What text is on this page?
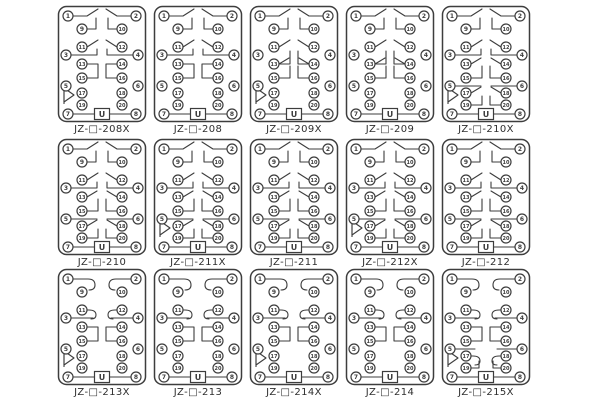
U
1	2
3	4
5	6
7	8
9	10
11	12
13	14
15	16
17	18
19	20
JZ-□-208X
U
1	2
3	4
5	6
7	8
9	10
11	12
13	14
15	16
17	18
19	20
JZ-□-208
U
1	2
3	4
5	6
7	8
9	10
11	12
13	14
15	16
17	18
19	20
JZ-□-209X
U
1	2
3	4
5	6
7	8
9	10
11	12
13	14
15	16
17	18
19	20
JZ-□-209
U
1	2
3	4
5	6
7	8
9	10
11	12
13	14
15	16
17	18
19	20
JZ-□-210X
U
1	2
3	4
5	6
7	8
9	10
11	12
13	14
15	16
17	18
19	20
JZ-□-210
U
1	2
3	4
5	6
7	8
9	10
11	12
13	14
15	16
17	18
19	20
JZ-□-211X
U
1	2
3	4
5	6
7	8
9	10
11	12
13	14
15	16
17	18
19	20
JZ-□-211
U
1	2
3	4
5	6
7	8
9	10
11	12
13	14
15	16
17	18
19	20
JZ-□-212X
U
1	2
3	4
5	6
7	8
9	10
11	12
13	14
15	16
17	18
19	20
JZ-□-212
U
1	2
3	4
5	6
7	8
9	10
11	12
13	14
15	16
17	18
19	20
JZ-□-213X
U
1	2
3	4
5	6
7	8
9	10
11	12
13	14
15	16
17	18
19	20
JZ-□-213
U
1	2
3	4
5	6
7	8
9	10
11	12
13	14
15	16
17	18
19	20
JZ-□-214X
U
1	2
3	4
5	6
7	8
9	10
11	12
13	14
15	16
17	18
19	20
JZ-□-214
U
1	2
3	4
5	6
7	8
9	10
11	12
13	14
15	16
17	18
19	20
JZ-□-215X
